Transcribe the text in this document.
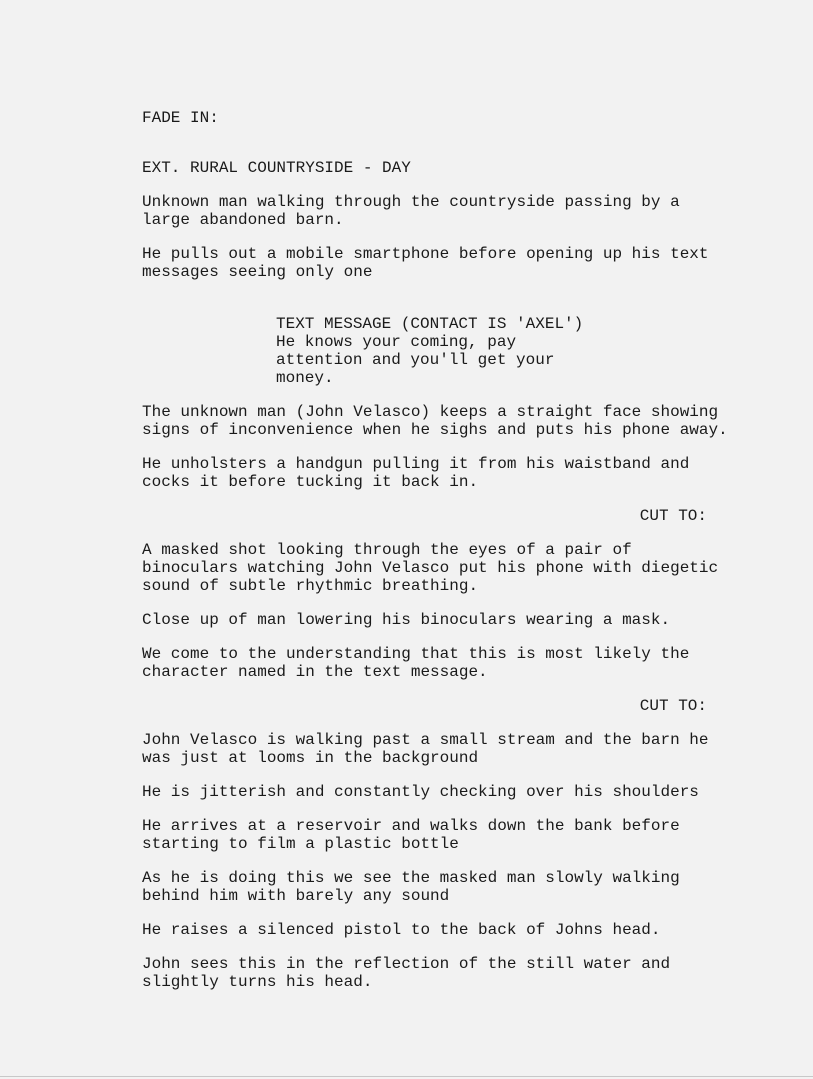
FADE IN:

EXT. RURAL COUNTRYSIDE - DAY

Unknown man walking through the countryside passing by a

large abandoned barn.

He pulls out a mobile smartphone before opening up his text

messages seeing only one

TEXT MESSAGE (CONTACT IS 'AXEL')

He knows your coming, pay

attention and you'll get your

money.

The unknown man (John Velasco) keeps a straight face showing

signs of inconvenience when he sighs and puts his phone away.

He unholsters a handgun pulling it from his waistband and

cocks it before tucking it back in.

CUT TO:

A masked shot looking through the eyes of a pair of

binoculars watching John Velasco put his phone with diegetic

sound of subtle rhythmic breathing.

Close up of man lowering his binoculars wearing a mask.

We come to the understanding that this is most likely the

character named in the text message.

CUT TO:

John Velasco is walking past a small stream and the barn he

was just at looms in the background

He is jitterish and constantly checking over his shoulders

He arrives at a reservoir and walks down the bank before

starting to film a plastic bottle

As he is doing this we see the masked man slowly walking

behind him with barely any sound

He raises a silenced pistol to the back of Johns head.

John sees this in the reflection of the still water and

slightly turns his head.
